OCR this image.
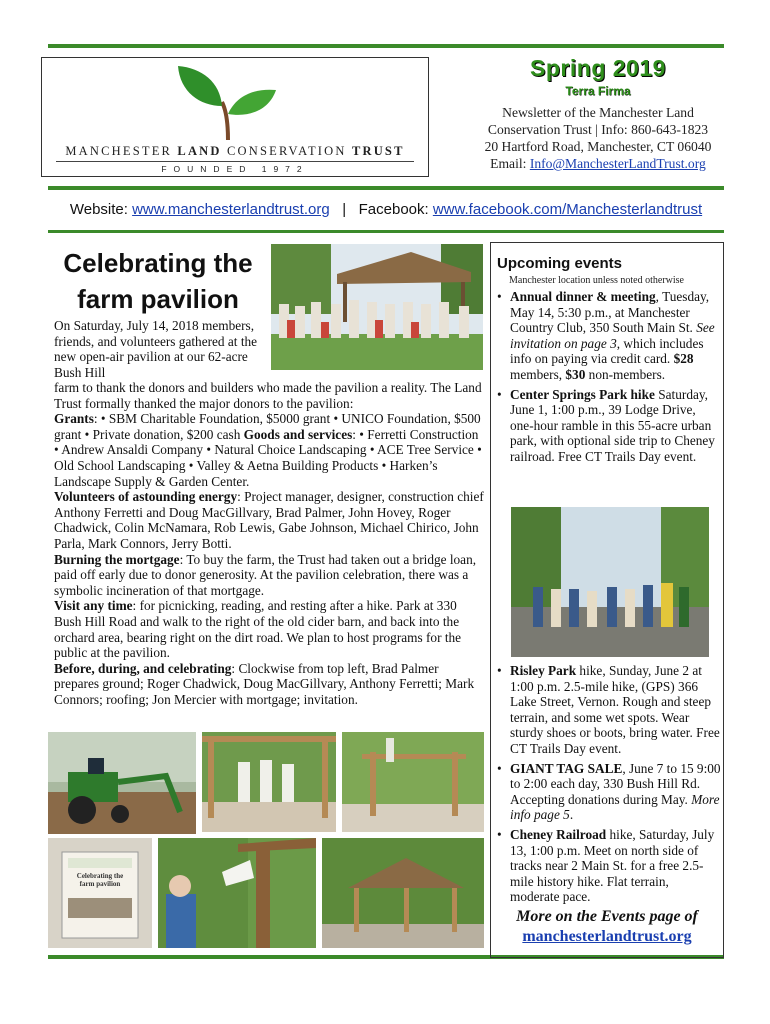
MANCHESTER LAND CONSERVATION TRUST
FOUNDED 1972
Spring 2019
Terra Firma
Newsletter of the Manchester Land
Conservation Trust | Info: 860-643-1823
20 Hartford Road, Manchester, CT 06040
Email: Info@ManchesterLandTrust.org
Website: www.manchesterlandtrust.org | Facebook: www.facebook.com/Manchesterlandtrust
Celebrating the
farm pavilion
On Saturday, July 14, 2018 members, friends, and volunteers gathered at the new open-air pavilion at our 62-acre Bush Hill

farm to thank the donors and builders who made the pavilion a reality. The Land Trust formally thanked the major donors to the pavilion:

Grants: • SBM Charitable Foundation, $5000 grant • UNICO Foundation, $500 grant • Private donation, $200 cash Goods and services: • Ferretti Construction • Andrew Ansaldi Company • Natural Choice Landscaping • ACE Tree Service • Old School Landscaping • Valley & Aetna Building Products • Harken’s Landscape Supply & Garden Center.

Volunteers of astounding energy: Project manager, designer, construction chief Anthony Ferretti and Doug MacGillvary, Brad Palmer, John Hovey, Roger Chadwick, Colin McNamara, Rob Lewis, Gabe Johnson, Michael Chirico, John Parla, Mark Connors, Jerry Botti.

Burning the mortgage: To buy the farm, the Trust had taken out a bridge loan, paid off early due to donor generosity. At the pavilion celebration, there was a symbolic incineration of that mortgage.

Visit any time: for picnicking, reading, and resting after a hike. Park at 330 Bush Hill Road and walk to the right of the old cider barn, and back into the orchard area, bearing right on the dirt road. We plan to host programs for the public at the pavilion.

Before, during, and celebrating: Clockwise from top left, Brad Palmer prepares ground; Roger Chadwick, Doug MacGillvary, Anthony Ferretti; Mark Connors; roofing; Jon Mercier with mortgage; invitation.

Celebrating the farm pavilion
Upcoming events
Manchester location unless noted otherwise
• Annual dinner & meeting, Tuesday, May 14, 5:30 p.m., at Manchester Country Club, 350 South Main St. See invitation on page 3, which includes info on paying via credit card. $28 members, $30 non-members.
• Center Springs Park hike Saturday, June 1, 1:00 p.m., 39 Lodge Drive, one-hour ramble in this 55-acre urban park, with optional side trip to Cheney railroad. Free CT Trails Day event.
• Risley Park hike, Sunday, June 2 at 1:00 p.m. 2.5-mile hike, (GPS) 366 Lake Street, Vernon. Rough and steep terrain, and some wet spots. Wear sturdy shoes or boots, bring water. Free CT Trails Day event.
• GIANT TAG SALE, June 7 to 15 9:00 to 2:00 each day, 330 Bush Hill Rd. Accepting donations during May. More info page 5.
• Cheney Railroad hike, Saturday, July 13, 1:00 p.m. Meet on north side of tracks near 2 Main St. for a free 2.5-mile history hike. Flat terrain, moderate pace.
More on the Events page of
manchesterlandtrust.org
